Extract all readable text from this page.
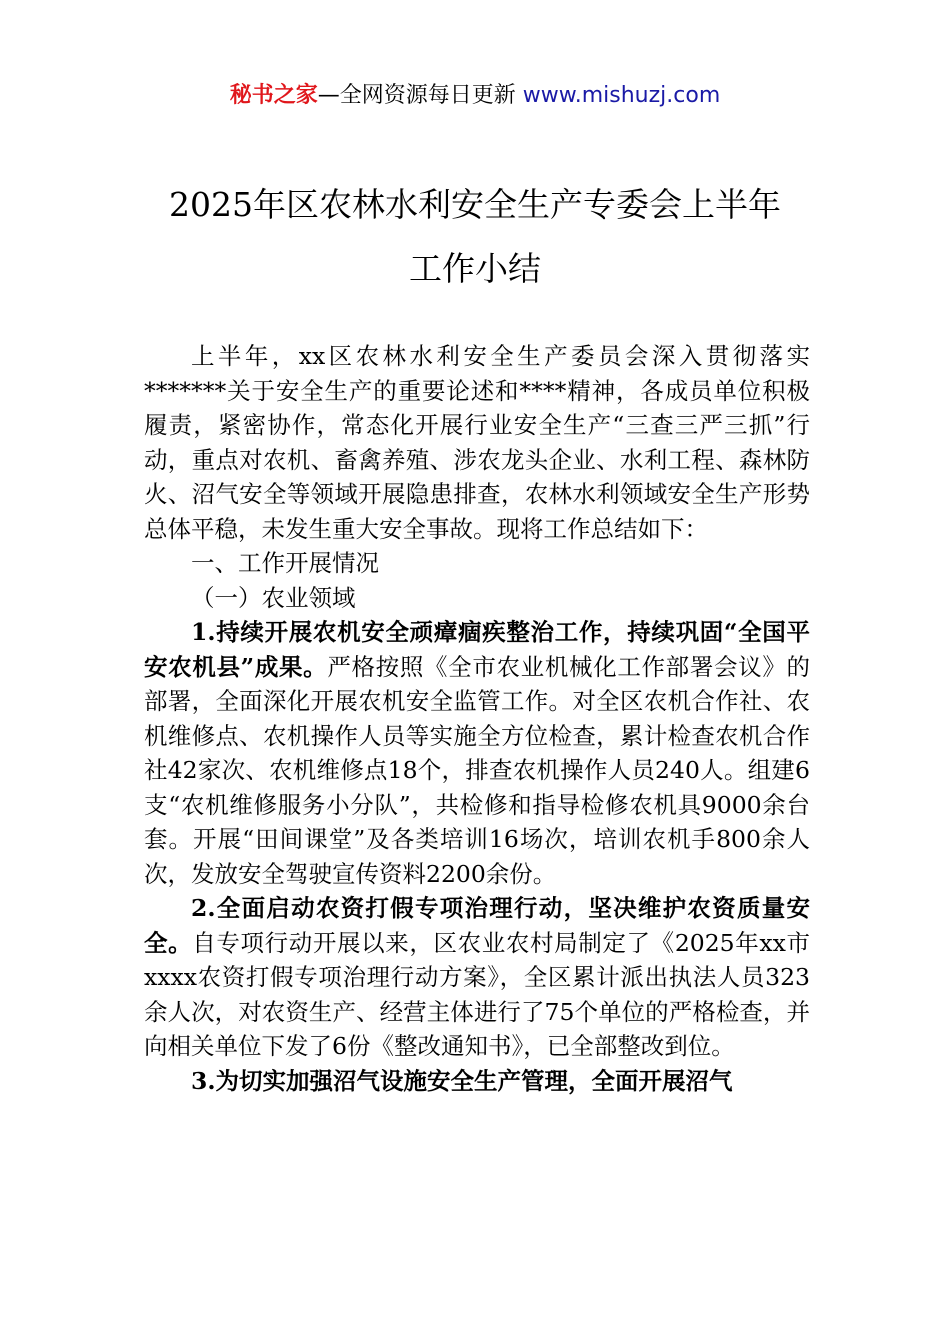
秘书之家—全网资源每日更新 www.mishuzj.com
2025年区农林水利安全生产专委会上半年
工作小结

上半年，xx区农林水利安全生产委员会深入贯彻落实*******关于安全生产的重要论述和****精神，各成员单位积极履责，紧密协作，常态化开展行业安全生产“三查三严三抓”行动，重点对农机、畜禽养殖、涉农龙头企业、水利工程、森林防火、沼气安全等领域开展隐患排查，农林水利领域安全生产形势总体平稳，未发生重大安全事故。现将工作总结如下：

一、工作开展情况

（一）农业领域

1.持续开展农机安全顽瘴痼疾整治工作，持续巩固“全国平安农机县”成果。严格按照《全市农业机械化工作部署会议》的部署，全面深化开展农机安全监管工作。对全区农机合作社、农机维修点、农机操作人员等实施全方位检查，累计检查农机合作社42家次、农机维修点18个，排查农机操作人员240人。组建6支“农机维修服务小分队”，共检修和指导检修农机具9000余台套。开展“田间课堂”及各类培训16场次，培训农机手800余人次，发放安全驾驶宣传资料2200余份。

2.全面启动农资打假专项治理行动，坚决维护农资质量安全。自专项行动开展以来，区农业农村局制定了《2025年xx市xxxx农资打假专项治理行动方案》，全区累计派出执法人员323余人次，对农资生产、经营主体进行了75个单位的严格检查，并向相关单位下发了6份《整改通知书》，已全部整改到位。

3.为切实加强沼气设施安全生产管理，全面开展沼气
